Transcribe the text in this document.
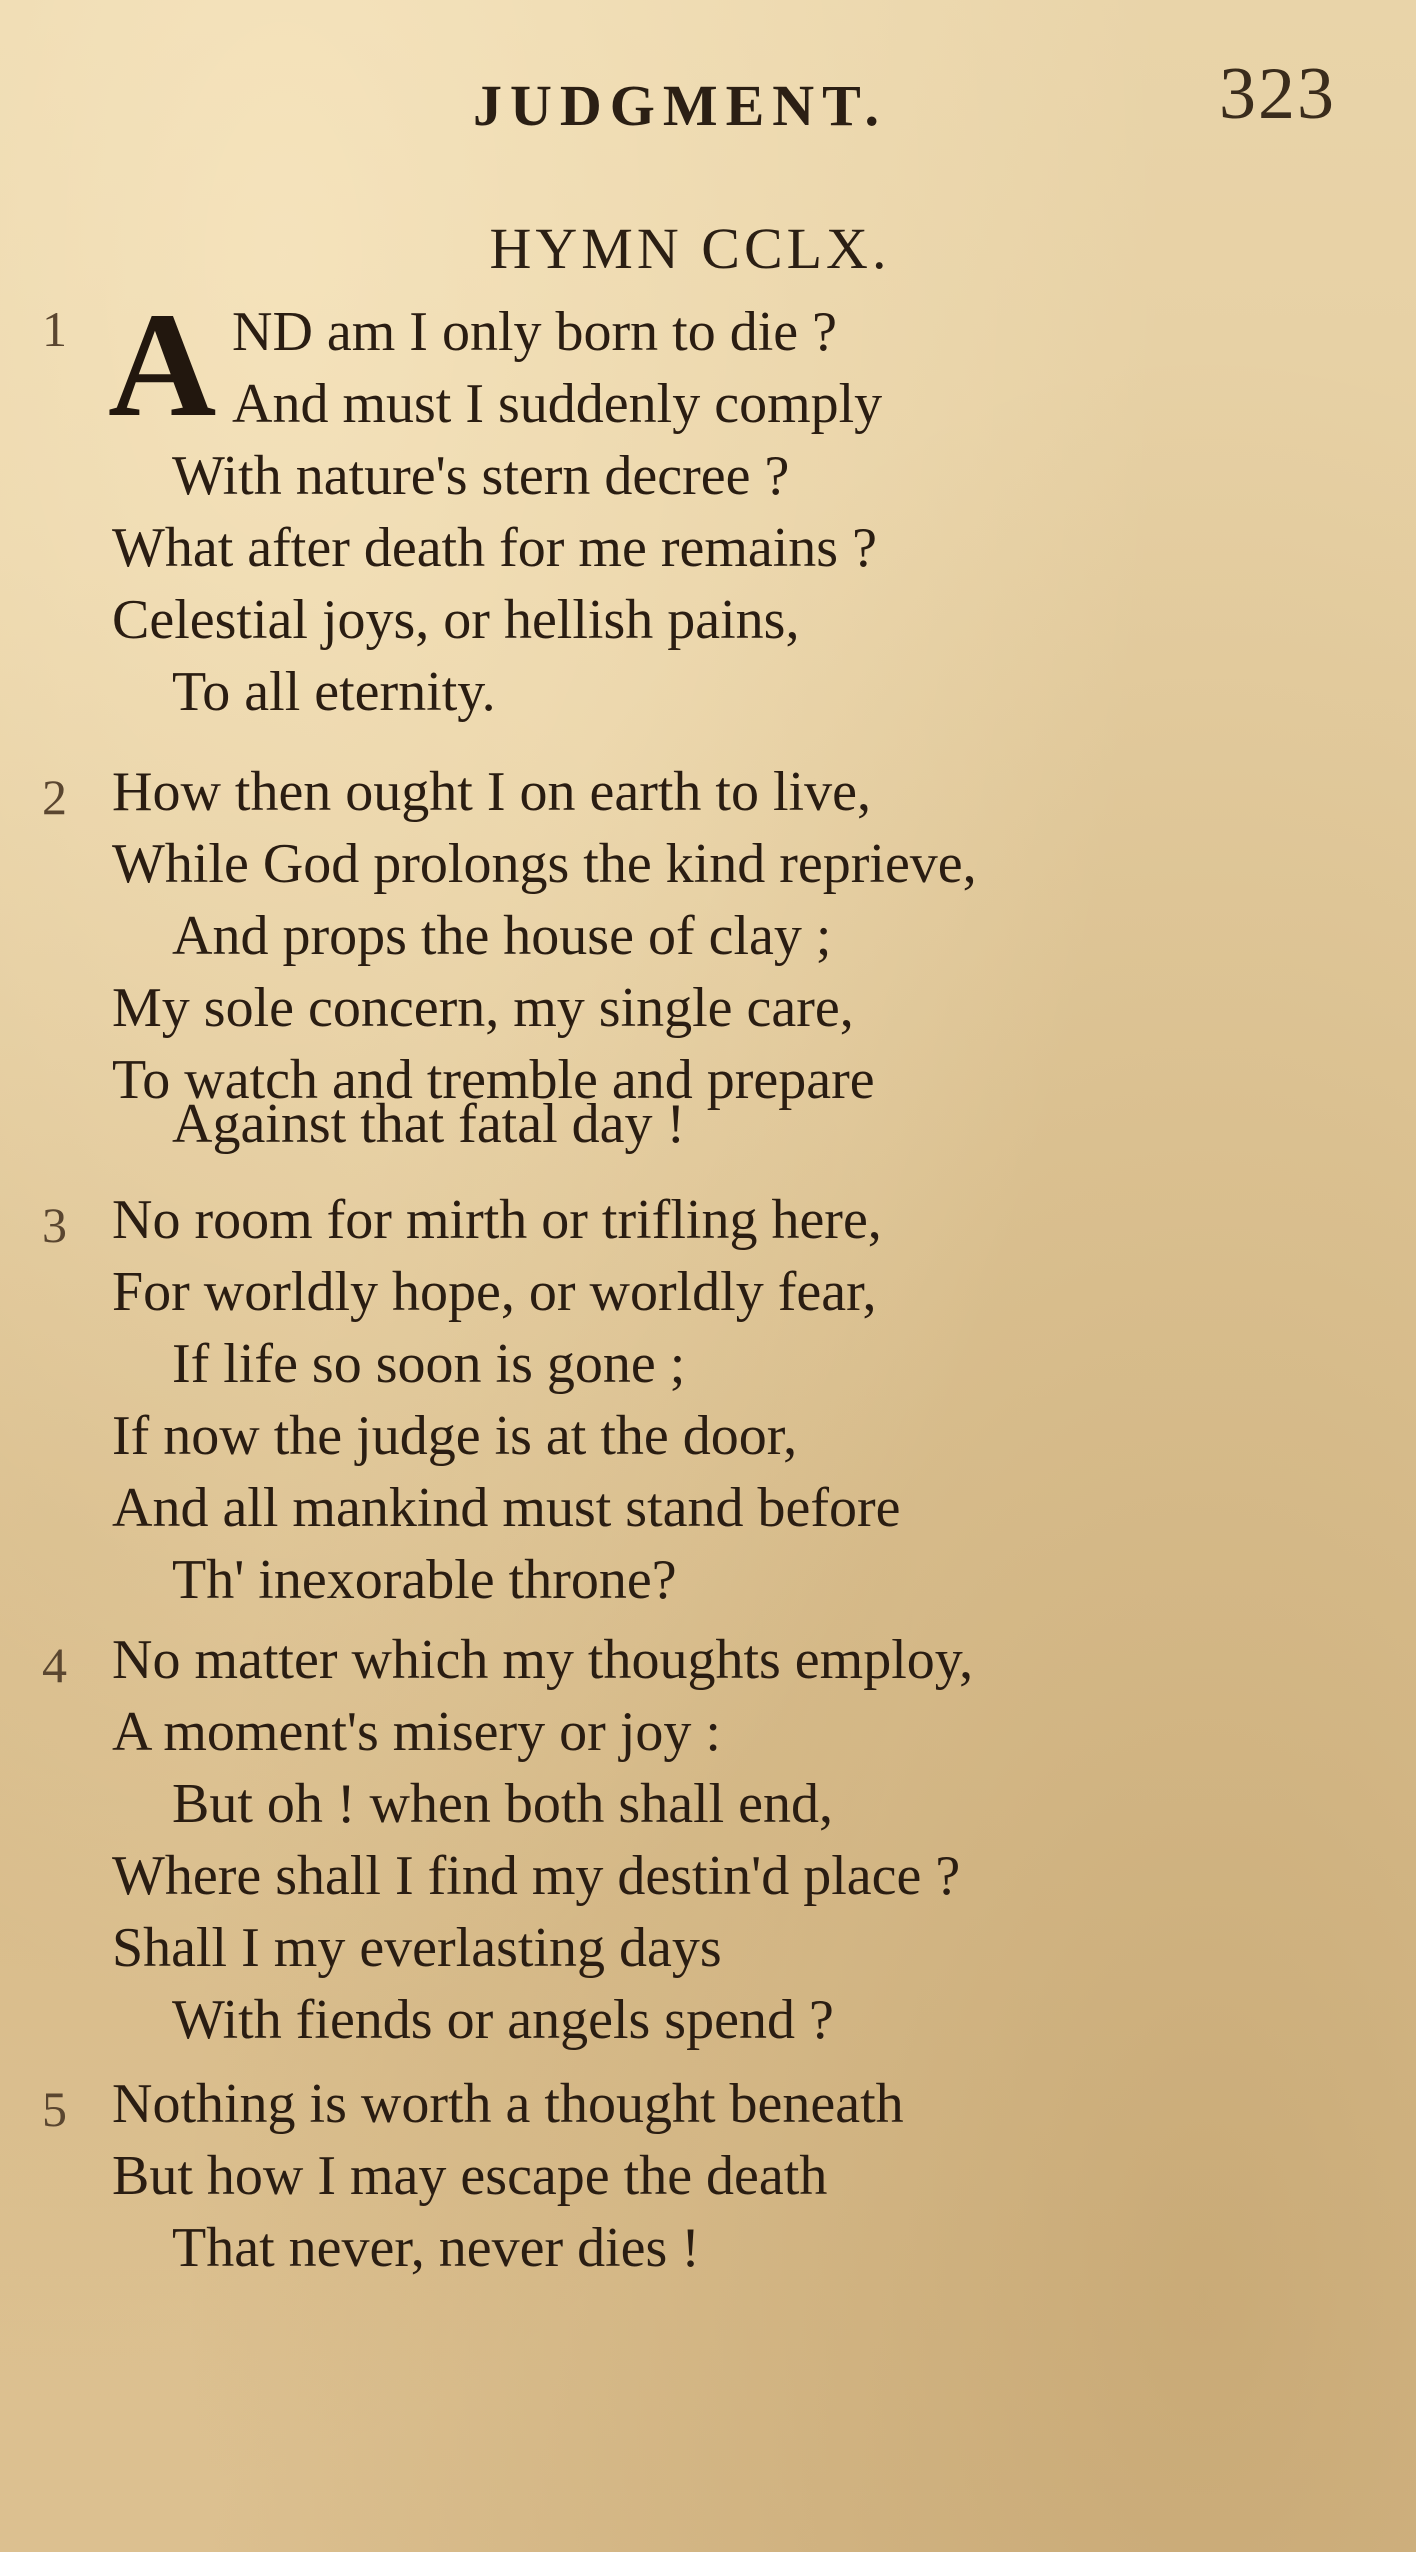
JUDGMENT.	323
HYMN CCLX.
1 A ND am I only born to die ?
And must I suddenly comply
With nature's stern decree ?
What after death for me remains ?
Celestial joys, or hellish pains,
To all eternity.
2 How then ought I on earth to live,
While God prolongs the kind reprieve,
And props the house of clay ;
My sole concern, my single care,
To watch and tremble and prepare
Against that fatal day !
3 No room for mirth or trifling here,
For worldly hope, or worldly fear,
If life so soon is gone ;
If now the judge is at the door,
And all mankind must stand before
Th' inexorable throne?
4 No matter which my thoughts employ,
A moment's misery or joy :
But oh ! when both shall end,
Where shall I find my destin'd place ?
Shall I my everlasting days
With fiends or angels spend ?
5 Nothing is worth a thought beneath
But how I may escape the death
That never, never dies !
